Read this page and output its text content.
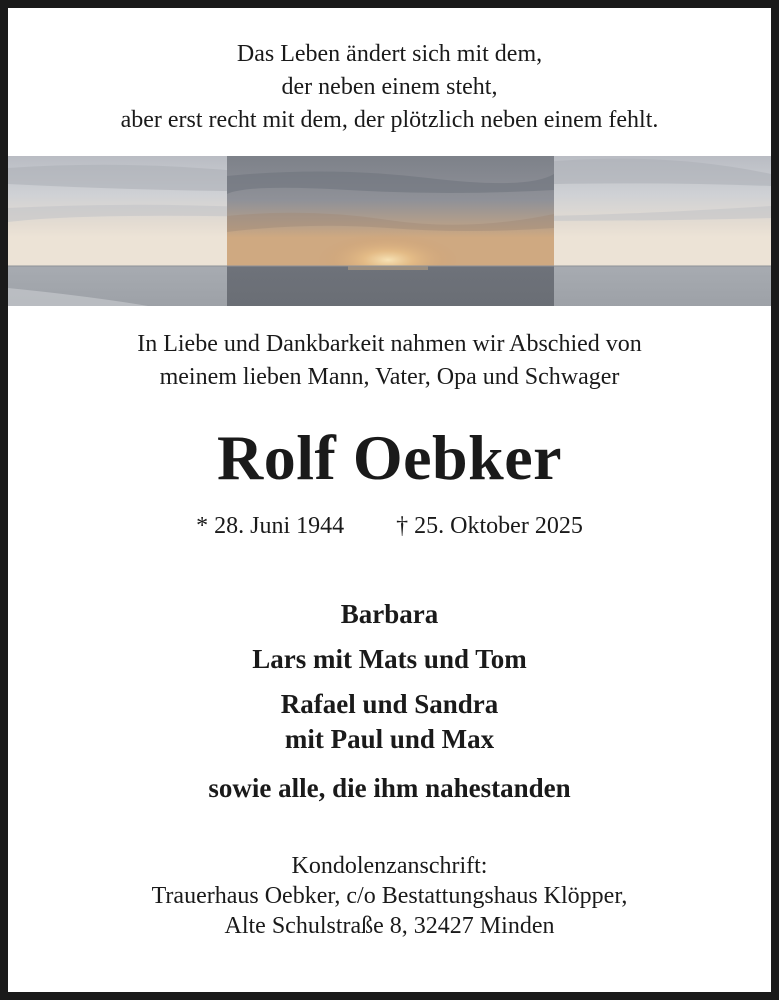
Das Leben ändert sich mit dem,
der neben einem steht,
aber erst recht mit dem, der plötzlich neben einem fehlt.
In Liebe und Dankbarkeit nahmen wir Abschied von
meinem lieben Mann, Vater, Opa und Schwager
Rolf Oebker
* 28. Juni 1944 † 25. Oktober 2025
Barbara
Lars mit Mats und Tom
Rafael und Sandra
mit Paul und Max
sowie alle, die ihm nahestanden
Kondolenzanschrift:
Trauerhaus Oebker, c/o Bestattungshaus Klöpper,
Alte Schulstraße 8, 32427 Minden
